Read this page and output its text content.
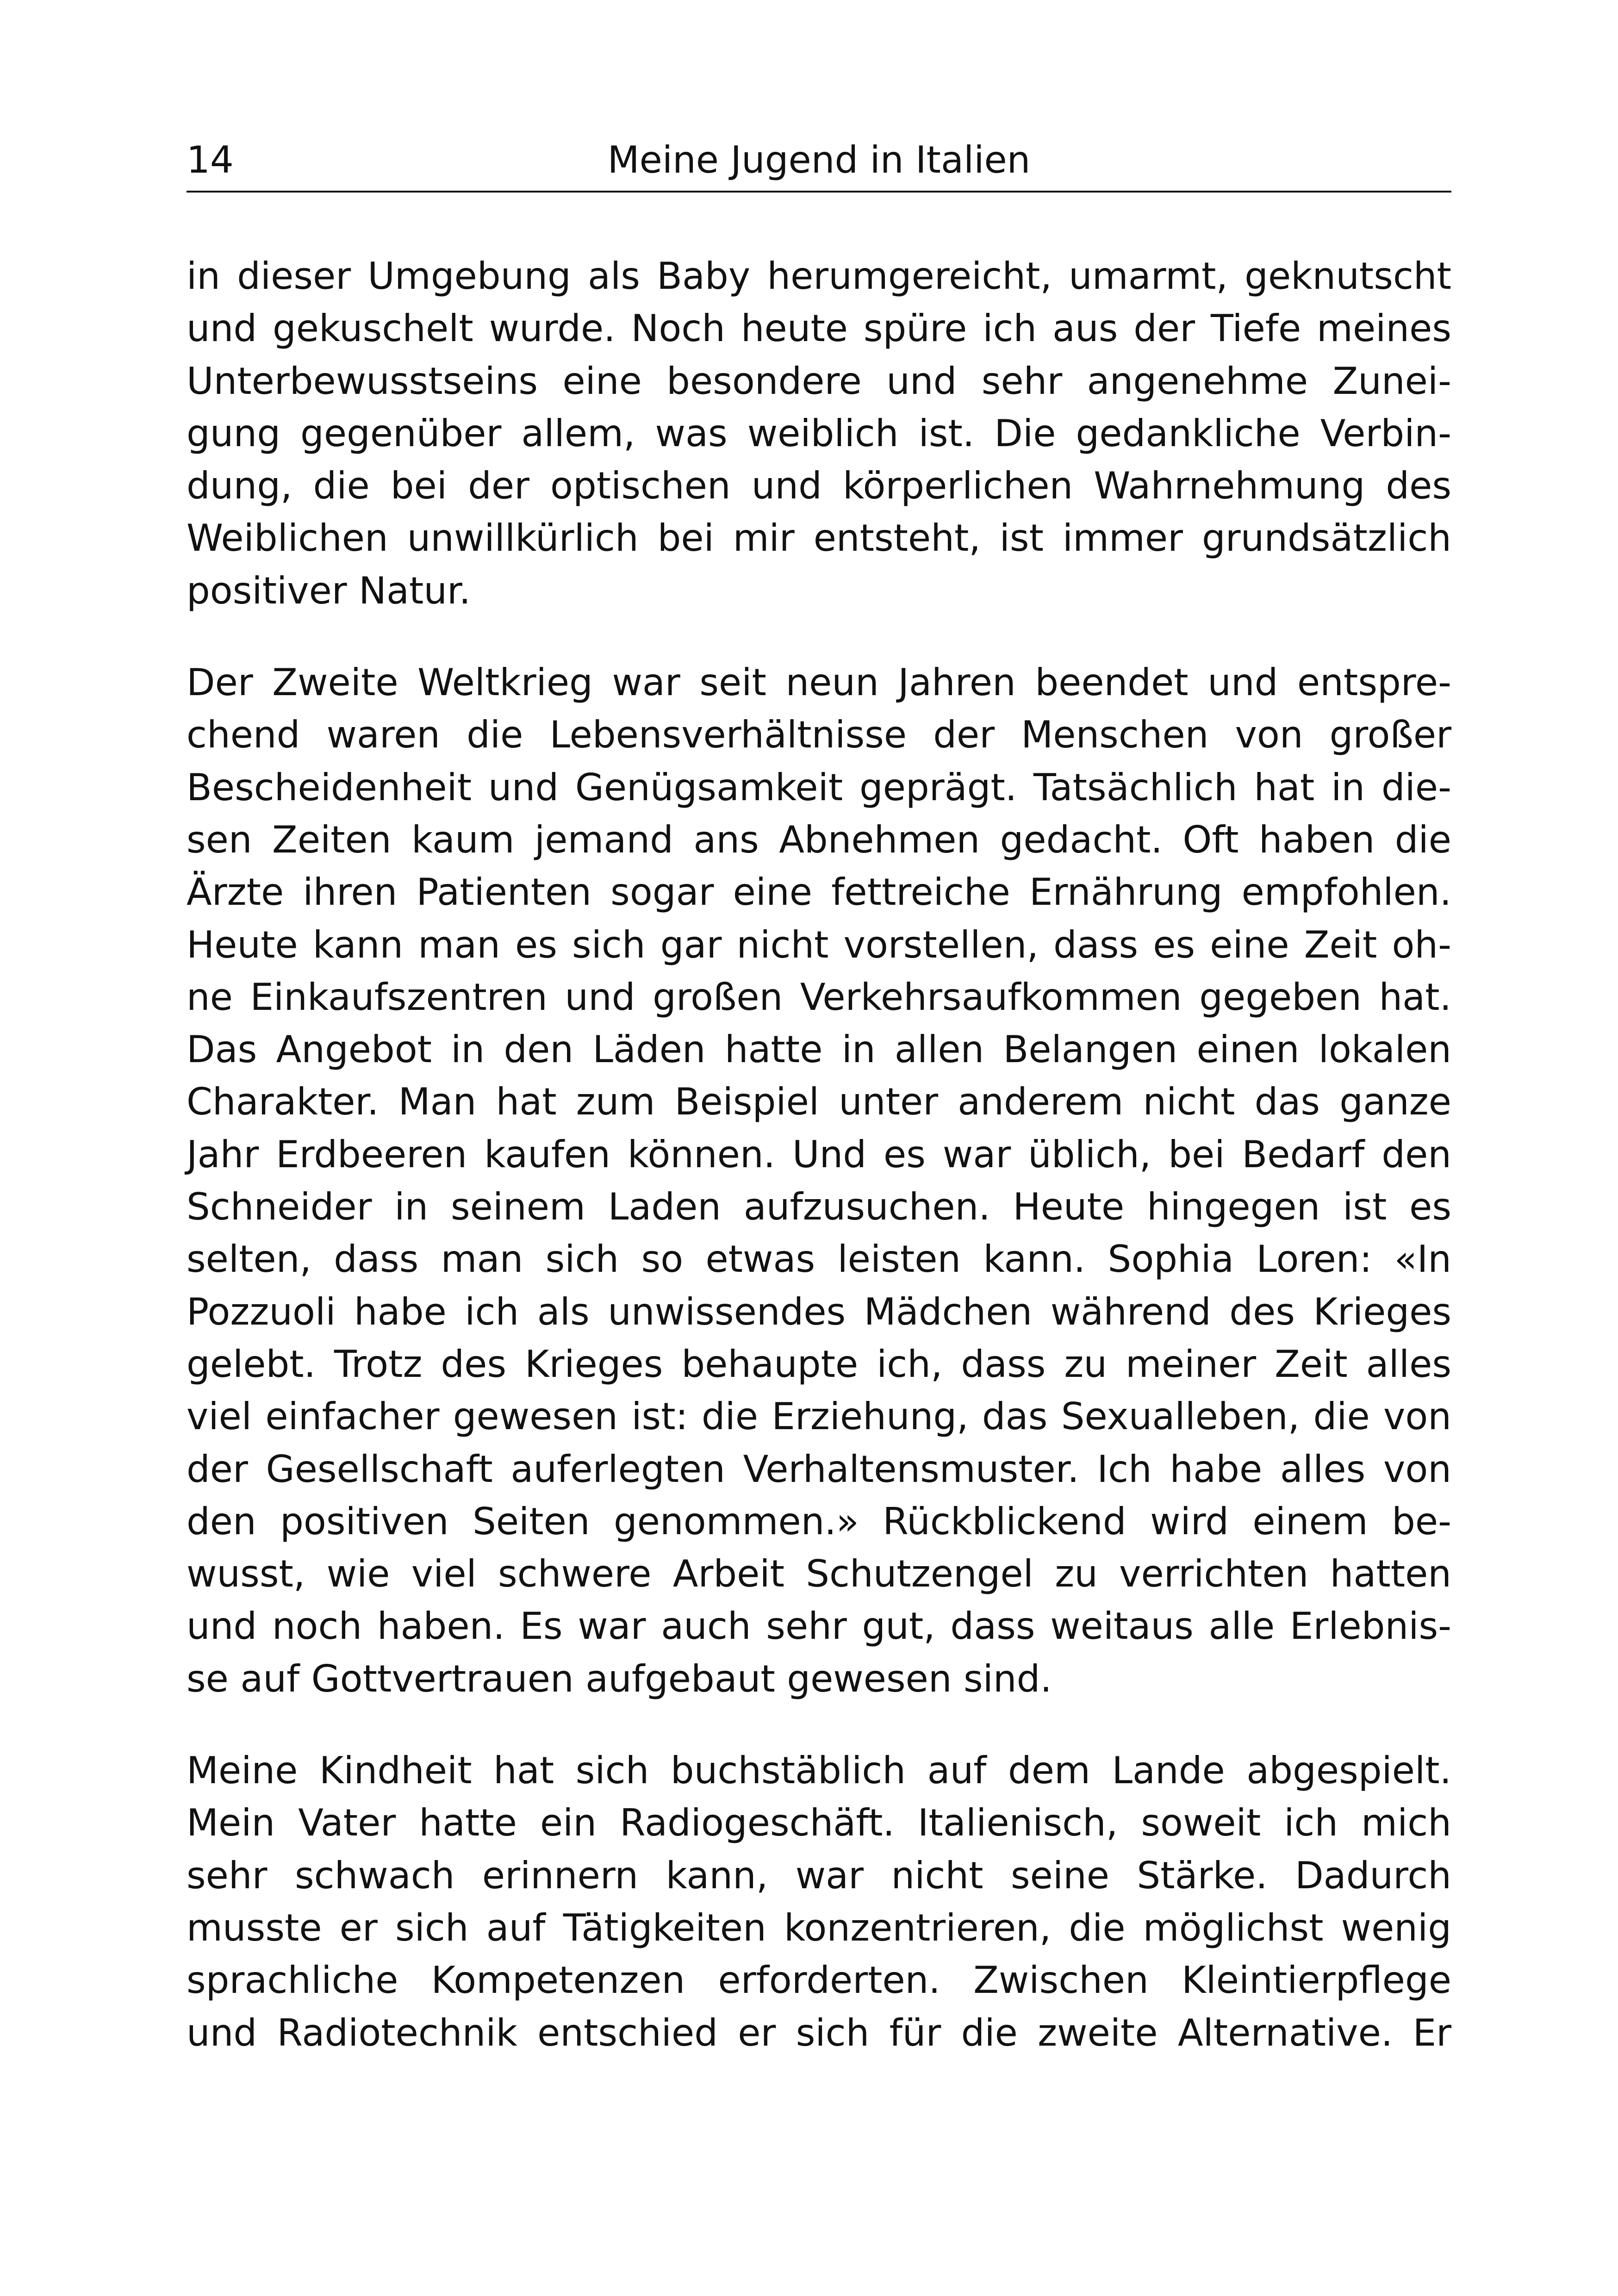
14	Meine Jugend in Italien
in dieser Umgebung als Baby herumgereicht, umarmt, geknutscht
und gekuschelt wurde. Noch heute spüre ich aus der Tiefe meines
Unterbewusstseins eine besondere und sehr angenehme Zunei-
gung gegenüber allem, was weiblich ist. Die gedankliche Verbin-
dung, die bei der optischen und körperlichen Wahrnehmung des
Weiblichen unwillkürlich bei mir entsteht, ist immer grundsätzlich
positiver Natur.
Der Zweite Weltkrieg war seit neun Jahren beendet und entspre-
chend waren die Lebensverhältnisse der Menschen von großer
Bescheidenheit und Genügsamkeit geprägt. Tatsächlich hat in die-
sen Zeiten kaum jemand ans Abnehmen gedacht. Oft haben die
Ärzte ihren Patienten sogar eine fettreiche Ernährung empfohlen.
Heute kann man es sich gar nicht vorstellen, dass es eine Zeit oh-
ne Einkaufszentren und großen Verkehrsaufkommen gegeben hat.
Das Angebot in den Läden hatte in allen Belangen einen lokalen
Charakter. Man hat zum Beispiel unter anderem nicht das ganze
Jahr Erdbeeren kaufen können. Und es war üblich, bei Bedarf den
Schneider in seinem Laden aufzusuchen. Heute hingegen ist es
selten, dass man sich so etwas leisten kann. Sophia Loren: «In
Pozzuoli habe ich als unwissendes Mädchen während des Krieges
gelebt. Trotz des Krieges behaupte ich, dass zu meiner Zeit alles
viel einfacher gewesen ist: die Erziehung, das Sexualleben, die von
der Gesellschaft auferlegten Verhaltensmuster. Ich habe alles von
den positiven Seiten genommen.» Rückblickend wird einem be-
wusst, wie viel schwere Arbeit Schutzengel zu verrichten hatten
und noch haben. Es war auch sehr gut, dass weitaus alle Erlebnis-
se auf Gottvertrauen aufgebaut gewesen sind.
Meine Kindheit hat sich buchstäblich auf dem Lande abgespielt.
Mein Vater hatte ein Radiogeschäft. Italienisch, soweit ich mich
sehr schwach erinnern kann, war nicht seine Stärke. Dadurch
musste er sich auf Tätigkeiten konzentrieren, die möglichst wenig
sprachliche Kompetenzen erforderten. Zwischen Kleintierpflege
und Radiotechnik entschied er sich für die zweite Alternative. Er
